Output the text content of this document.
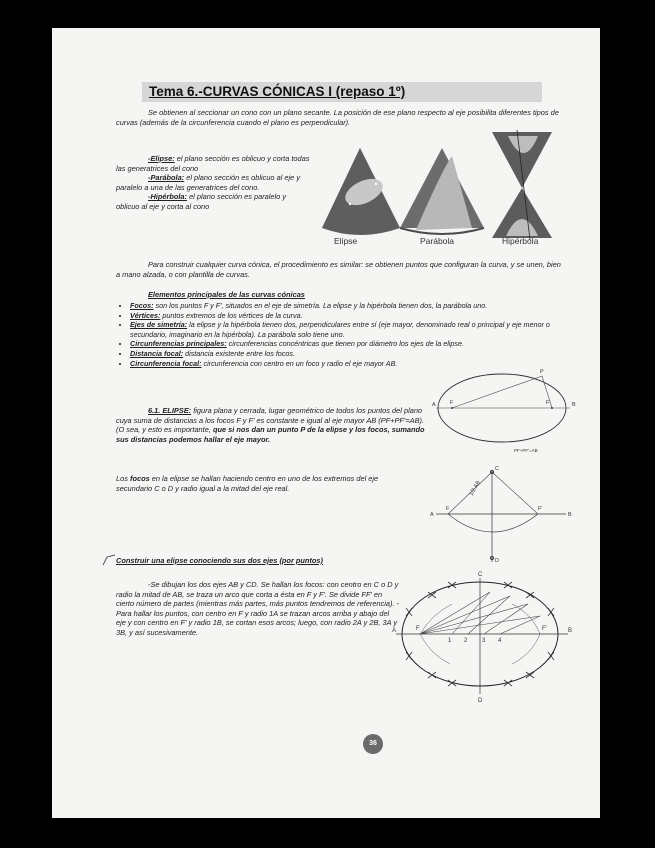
Tema 6.-CURVAS CÓNICAS I (repaso 1º)
Se obtienen al seccionar un cono con un plano secante. La posición de ese plano respecto al eje posibilita diferentes tipos de curvas (además de la circunferencia cuando el plano es perpendicular).
-Elipse: el plano sección es oblicuo y corta todas las generatrices del cono
-Parábola: el plano sección es oblicuo al eje y paralelo a una de las generatrices del cono.
-Hipérbola: el plano sección es paralelo y oblicuo al eje y corta al cono
Elipse	Parábola	Hipérbola
Para construir cualquier curva cónica, el procedimiento es similar: se obtienen puntos que configuran la curva, y se unen, bien a mano alzada, o con plantilla de curvas.
Elementos principales de las curvas cónicas
• Focos: son los puntos F y F', situados en el eje de simetría. La elipse y la hipérbola tienen dos, la parábola uno.
• Vértices: puntos extremos de los vértices de la curva.
• Ejes de simetría: la elipse y la hipérbola tienen dos, perpendiculares entre sí (eje mayor, denominado real o principal y eje menor o secundario, imaginario en la hipérbola). La parábola solo tiene uno.
• Circunferencias principales: circunferencias concéntricas que tienen por diámetro los ejes de la elipse.
• Distancia focal: distancia existente entre los focos.
• Circunferencia focal: circunferencia con centro en un foco y radio el eje mayor AB.
A	B
F	F'
P
PF+PF'=AB
6.1. ELIPSE: figura plana y cerrada, lugar geométrico de todos los puntos del plano cuya suma de distancias a los focos F y F' es constante e igual al eje mayor AB (PF+PF'=AB). (O sea, y esto es importante, que si nos dan un punto P de la elipse y los focos, sumando sus distancias podemos hallar el eje mayor.
Los focos en la elipse se hallan haciendo centro en uno de los extremos del eje secundario C o D y radio igual a la mitad del eje real.
C
D
A	B
F	F'
1/2 AB
Construir una elipse conociendo sus dos ejes (por puntos)
-Se dibujan los dos ejes AB y CD. Se hallan los focos: con centro en C o D y radio la mitad de AB, se traza un arco que corta a ésta en F y F'. Se divide FF' en cierto número de partes (mientras más partes, más puntos tendremos de referencia). -Para hallar los puntos, con centro en F y radio 1A se trazan arcos arriba y abajo del eje y con centro en F' y radio 1B, se cortan esos arcos; luego, con radio 2A y 2B, 3A y 3B, y así sucesivamente.	A	B
C
D
F	F'
1 2 3 4
36
